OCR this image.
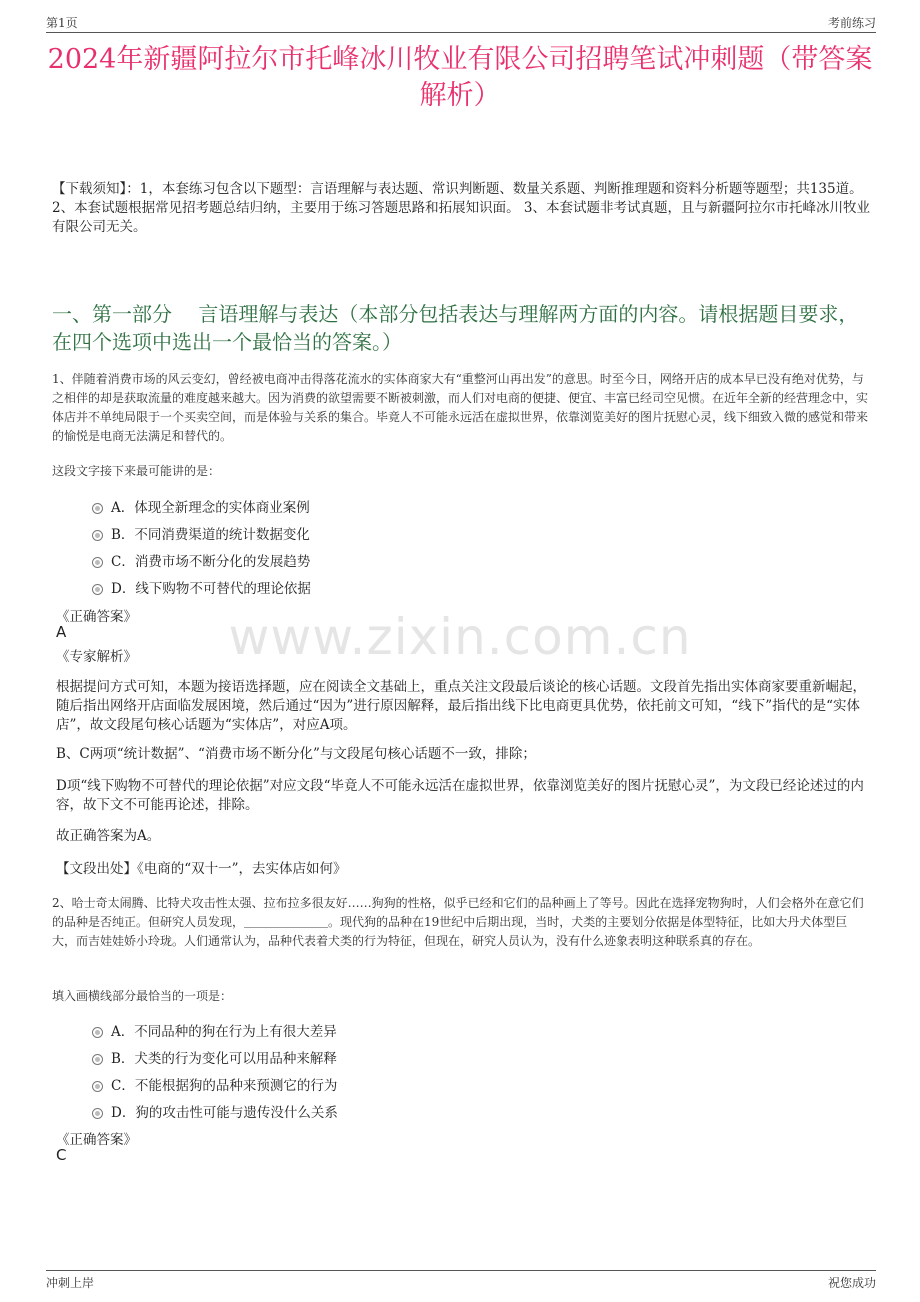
第1页	考前练习
2024年新疆阿拉尔市托峰冰川牧业有限公司招聘笔试冲刺题（带答案解析）
【下载须知】：1，本套练习包含以下题型：言语理解与表达题、常识判断题、数量关系题、判断推理题和资料分析题等题型；共135道。 2、本套试题根据常见招考题总结归纳，主要用于练习答题思路和拓展知识面。 3、本套试题非考试真题，且与新疆阿拉尔市托峰冰川牧业有限公司无关。
一、第一部分　 言语理解与表达（本部分包括表达与理解两方面的内容。请根据题目要求，在四个选项中选出一个最恰当的答案。）
1、伴随着消费市场的风云变幻，曾经被电商冲击得落花流水的实体商家大有“重整河山再出发”的意思。时至今日，网络开店的成本早已没有绝对优势，与之相伴的却是获取流量的难度越来越大。因为消费的欲望需要不断被刺激，而人们对电商的便捷、便宜、丰富已经司空见惯。在近年全新的经营理念中，实体店并不单纯局限于一个买卖空间，而是体验与关系的集合。毕竟人不可能永远活在虚拟世界，依靠浏览美好的图片抚慰心灵，线下细致入微的感觉和带来的愉悦是电商无法满足和替代的。
这段文字接下来最可能讲的是：
A．体现全新理念的实体商业案例
B．不同消费渠道的统计数据变化
C．消费市场不断分化的发展趋势
D．线下购物不可替代的理论依据
《正确答案》
A	www.zixin.com.cn
《专家解析》
根据提问方式可知，本题为接语选择题，应在阅读全文基础上，重点关注文段最后谈论的核心话题。文段首先指出实体商家要重新崛起，随后指出网络开店面临发展困境，然后通过“因为”进行原因解释，最后指出线下比电商更具优势，依托前文可知，“线下”指代的是“实体店”，故文段尾句核心话题为“实体店”，对应A项。
B、C两项“统计数据”、“消费市场不断分化”与文段尾句核心话题不一致，排除；
D项“线下购物不可替代的理论依据”对应文段“毕竟人不可能永远活在虚拟世界，依靠浏览美好的图片抚慰心灵”，为文段已经论述过的内容，故下文不可能再论述，排除。
故正确答案为A。
【文段出处】《电商的“双十一”，去实体店如何》
2、哈士奇太闹腾、比特犬攻击性太强、拉布拉多很友好……狗狗的性格，似乎已经和它们的品种画上了等号。因此在选择宠物狗时，人们会格外在意它们的品种是否纯正。但研究人员发现，＿＿＿＿＿＿＿。现代狗的品种在19世纪中后期出现，当时，犬类的主要划分依据是体型特征，比如大丹犬体型巨大，而吉娃娃娇小玲珑。人们通常认为，品种代表着犬类的行为特征，但现在，研究人员认为，没有什么迹象表明这种联系真的存在。
填入画横线部分最恰当的一项是：
A．不同品种的狗在行为上有很大差异
B．犬类的行为变化可以用品种来解释
C．不能根据狗的品种来预测它的行为
D．狗的攻击性可能与遗传没什么关系
《正确答案》
C
冲刺上岸	祝您成功
